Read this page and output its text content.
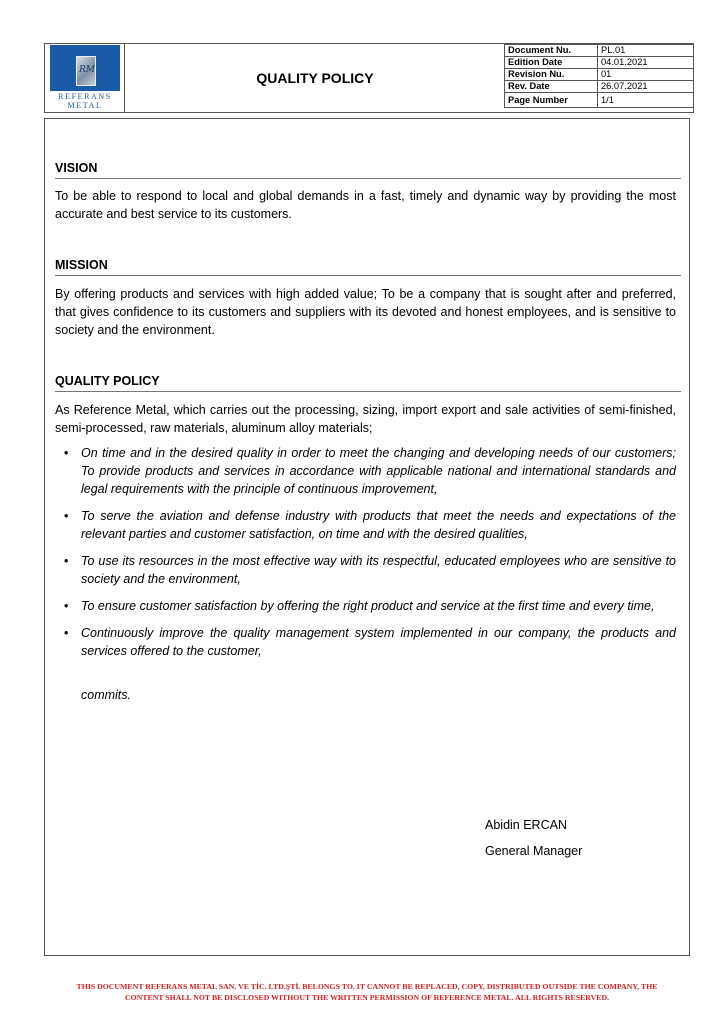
RM
REFERANS
METAL
QUALITY POLICY
Document Nu.	PL.01
Edition Date	04.01.2021
Revision Nu.	01
Rev. Date	26.07.2021
Page Number	1/1
VISION
To be able to respond to local and global demands in a fast, timely and dynamic way by providing the most accurate and best service to its customers.
MISSION
By offering products and services with high added value; To be a company that is sought after and preferred, that gives confidence to its customers and suppliers with its devoted and honest employees, and is sensitive to society and the environment.
QUALITY POLICY
As Reference Metal, which carries out the processing, sizing, import export and sale activities of semi-finished, semi-processed, raw materials, aluminum alloy materials;
• On time and in the desired quality in order to meet the changing and developing needs of our customers; To provide products and services in accordance with applicable national and international standards and legal requirements with the principle of continuous improvement,
• To serve the aviation and defense industry with products that meet the needs and expectations of the relevant parties and customer satisfaction, on time and with the desired qualities,
• To use its resources in the most effective way with its respectful, educated employees who are sensitive to society and the environment,
• To ensure customer satisfaction by offering the right product and service at the first time and every time,
• Continuously improve the quality management system implemented in our company, the products and services offered to the customer,
commits.
Abidin ERCAN
General Manager
THIS DOCUMENT REFERANS METAL SAN. VE TİC. LTD.ŞTİ. BELONGS TO. IT CANNOT BE REPLACED, COPY, DISTRIBUTED OUTSIDE THE COMPANY, THE
CONTENT SHALL NOT BE DISCLOSED WITHOUT THE WRITTEN PERMISSION OF REFERENCE METAL. ALL RIGHTS RESERVED.
